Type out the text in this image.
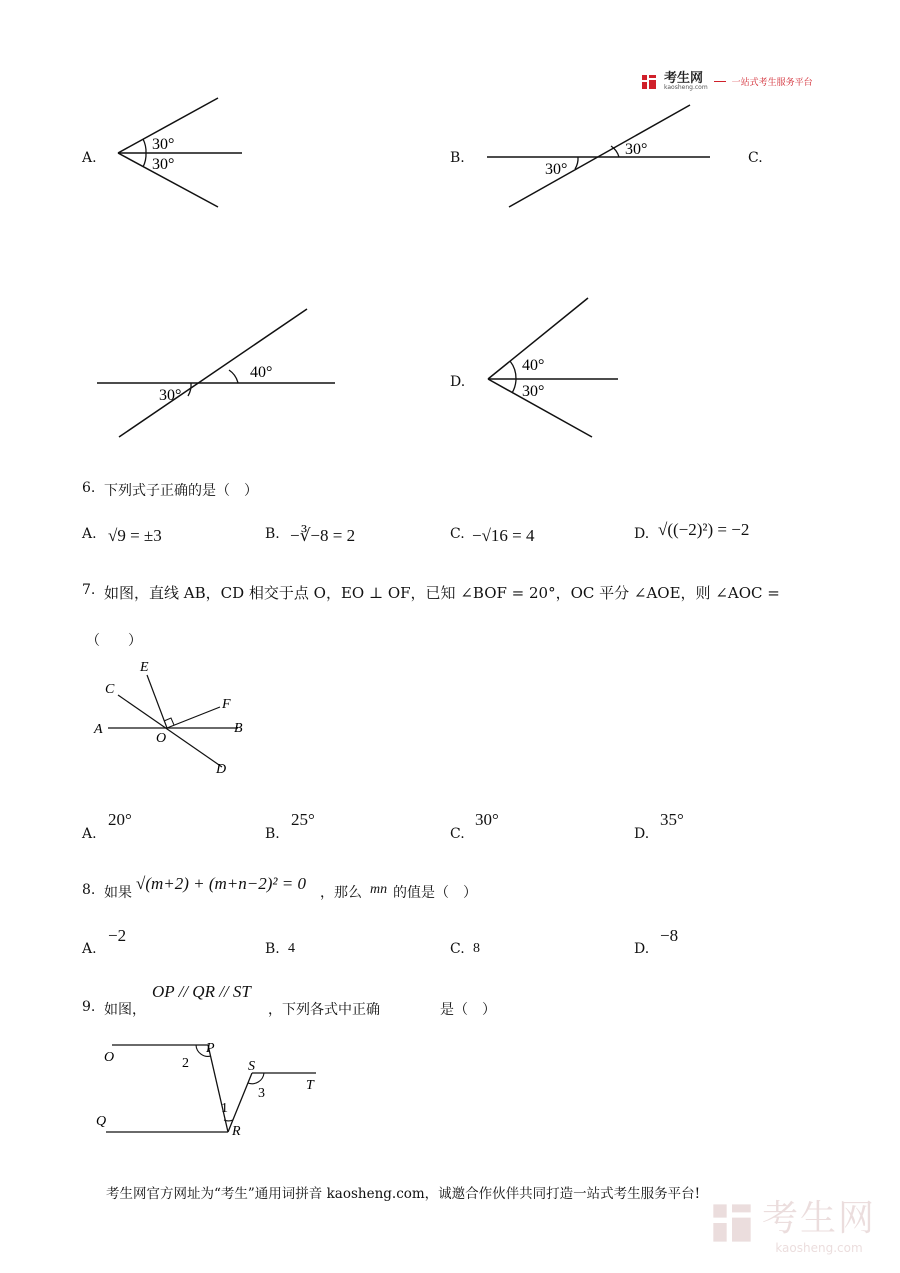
考生网
kaosheng.com	一站式考生服务平台
A.
30°
30°	B.	30°
30°
C.
40°
30°
D.
40°
30°
6. 下列式子正确的是（　）
A. √9 = ±3	B. −∛−8 = 2	C. −√16 = 4	D. √((−2)²) = −2
7. 如图，直线 AB，CD 相交于点 O，EO ⊥ OF，已知 ∠BOF = 20°，OC 平分 ∠AOE，则 ∠AOC =
（　　）
C
E
F
A
O
B
D
A.
20°
B.
25°
C.
30°
D.
35°
8. 如果 √(m+2) + (m+n−2)² = 0 ，那么 mn 的值是（　）
A.
−2
B. 4	C. 8	D.
−8
9. 如图，
OP // QR // ST
，下列各式中正确	是（　）
O
P
2	S
T
3
1
Q
R
考生网官方网址为“考生”通用词拼音 kaosheng.com，诚邀合作伙伴共同打造一站式考生服务平台!
考生网
kaosheng.com
